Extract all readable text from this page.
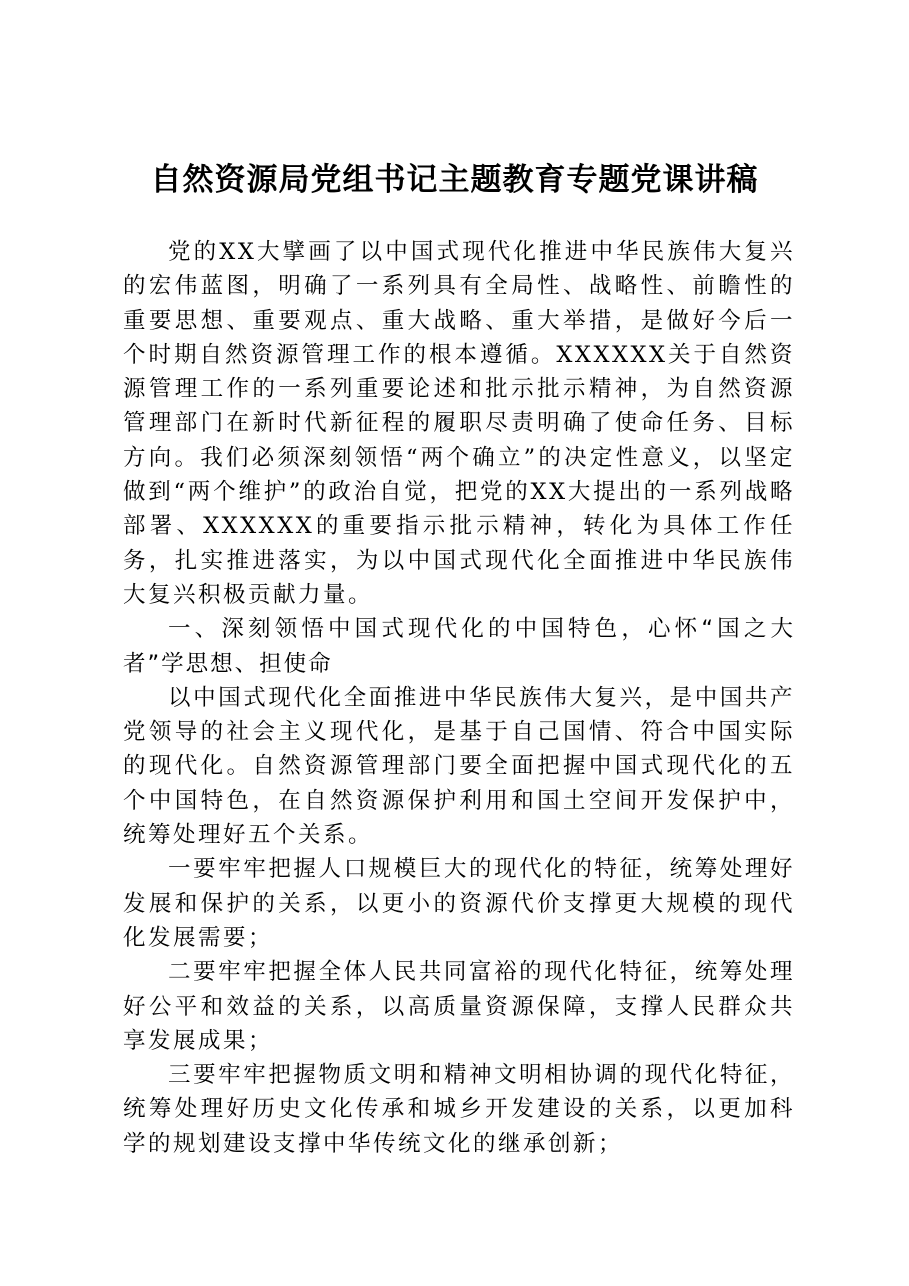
自然资源局党组书记主题教育专题党课讲稿

党的XX大擘画了以中国式现代化推进中华民族伟大复兴的宏伟蓝图，明确了一系列具有全局性、战略性、前瞻性的重要思想、重要观点、重大战略、重大举措，是做好今后一个时期自然资源管理工作的根本遵循。XXXXXX关于自然资源管理工作的一系列重要论述和批示批示精神，为自然资源管理部门在新时代新征程的履职尽责明确了使命任务、目标方向。我们必须深刻领悟“两个确立”的决定性意义，以坚定做到“两个维护”的政治自觉，把党的XX大提出的一系列战略部署、XXXXXX的重要指示批示精神，转化为具体工作任务，扎实推进落实，为以中国式现代化全面推进中华民族伟大复兴积极贡献力量。

一、深刻领悟中国式现代化的中国特色，心怀“国之大者”学思想、担使命

以中国式现代化全面推进中华民族伟大复兴，是中国共产党领导的社会主义现代化，是基于自己国情、符合中国实际的现代化。自然资源管理部门要全面把握中国式现代化的五个中国特色，在自然资源保护利用和国土空间开发保护中，统筹处理好五个关系。

一要牢牢把握人口规模巨大的现代化的特征，统筹处理好发展和保护的关系，以更小的资源代价支撑更大规模的现代化发展需要；

二要牢牢把握全体人民共同富裕的现代化特征，统筹处理好公平和效益的关系，以高质量资源保障，支撑人民群众共享发展成果；

三要牢牢把握物质文明和精神文明相协调的现代化特征，统筹处理好历史文化传承和城乡开发建设的关系，以更加科学的规划建设支撑中华传统文化的继承创新；
